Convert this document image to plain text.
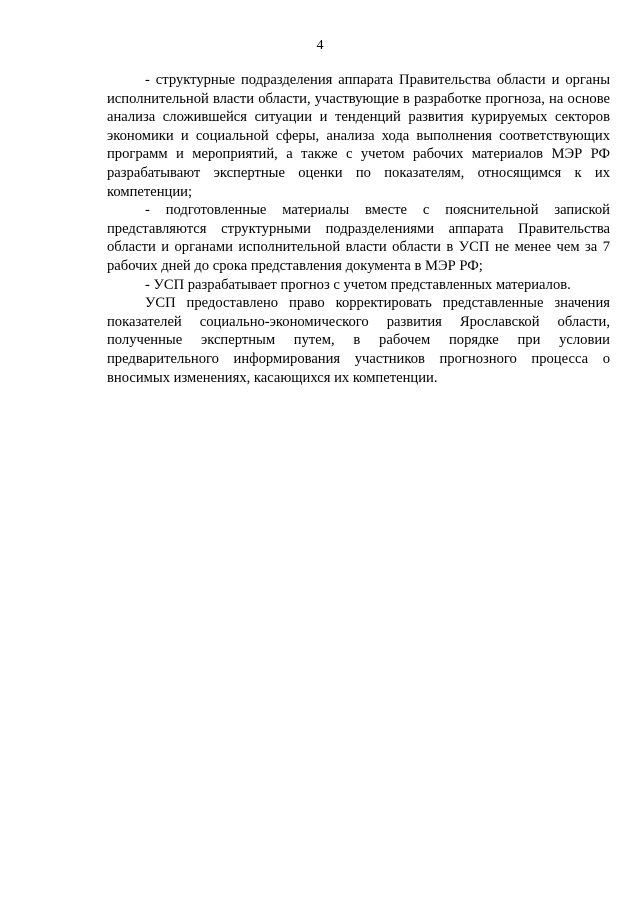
4

- структурные подразделения аппарата Правительства области и органы исполнительной власти области, участвующие в разработке прогноза, на основе анализа сложившейся ситуации и тенденций развития курируемых секторов экономики и социальной сферы, анализа хода выполнения соответствующих программ и мероприятий, а также с учетом рабочих материалов МЭР РФ разрабатывают экспертные оценки по показателям, относящимся к их компетенции;

- подготовленные материалы вместе с пояснительной запиской представляются структурными подразделениями аппарата Правительства области и органами исполнительной власти области в УСП не менее чем за 7 рабочих дней до срока представления документа в МЭР РФ;

- УСП разрабатывает прогноз с учетом представленных материалов.

УСП предоставлено право корректировать представленные значения показателей социально-экономического развития Ярославской области, полученные экспертным путем, в рабочем порядке при условии предварительного информирования участников прогнозного процесса о вносимых изменениях, касающихся их компетенции.
